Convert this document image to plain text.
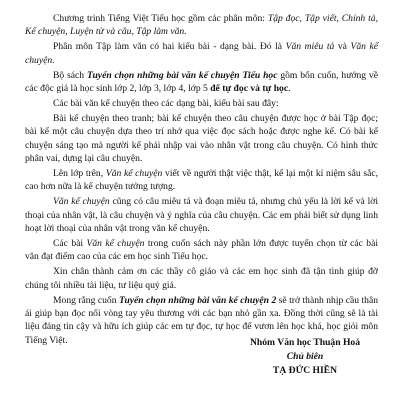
Chương trình Tiếng Việt Tiểu học gồm các phân môn: Tập đọc, Tập viết, Chính tả, Kể chuyện, Luyện từ và câu, Tập làm văn.

Phân môn Tập làm văn có hai kiểu bài - dạng bài. Đó là Văn miêu tả và Văn kể chuyện.

Bộ sách Tuyển chọn những bài văn kể chuyện Tiểu học gồm bốn cuốn, hướng về các độc giả là học sinh lớp 2, lớp 3, lớp 4, lớp 5 để tự đọc và tự học.

Các bài văn kể chuyện theo các dạng bài, kiểu bài sau đây:

Bài kể chuyện theo tranh; bài kể chuyện theo câu chuyện được học ở bài Tập đọc; bài kể một câu chuyện dựa theo trí nhớ qua việc đọc sách hoặc được nghe kể. Có bài kể chuyện sáng tạo mà người kể phải nhập vai vào nhân vật trong câu chuyện. Có hình thức phân vai, dựng lại câu chuyện.

Lên lớp trên, Văn kể chuyện viết về người thật việc thật, kể lại một kỉ niệm sâu sắc, cao hơn nữa là kể chuyện tưởng tượng.

Văn kể chuyện cũng có câu miêu tả và đoạn miêu tả, nhưng chủ yếu là lời kể và lời thoại của nhân vật, là câu chuyện và ý nghĩa của câu chuyện. Các em phải biết sử dụng linh hoạt lời thoại của nhân vật trong văn kể chuyện.

Các bài Văn kể chuyện trong cuốn sách này phần lớn được tuyển chọn từ các bài văn đạt điểm cao của các em học sinh Tiểu học.

Xin chân thành cảm ơn các thầy cô giáo và các em học sinh đã tận tình giúp đỡ chúng tôi nhiều tài liệu, tư liệu quý giá.

Mong rằng cuốn Tuyển chọn những bài văn kể chuyện 2 sẽ trở thành nhịp cầu thân ái giúp bạn đọc nối vòng tay yêu thương với các bạn nhỏ gần xa. Đồng thời cũng sẽ là tài liệu đáng tin cậy và hữu ích giúp các em tự đọc, tự học để vươn lên học khá, học giỏi môn Tiếng Việt.	Nhóm Văn học Thuận Hoá
Chủ biên
TẠ ĐỨC HIỀN
